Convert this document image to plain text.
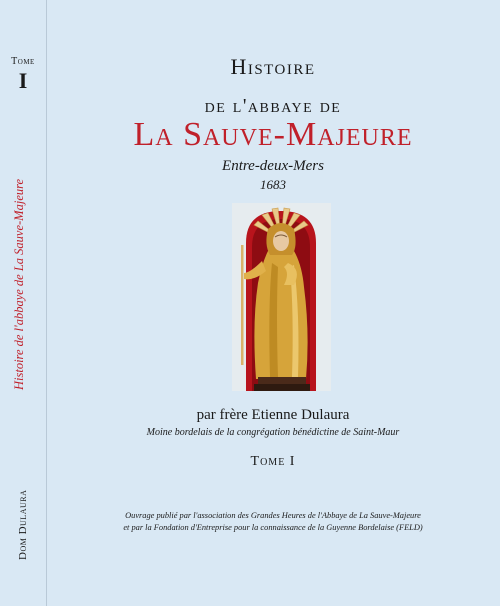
Tome
I
Histoire de l'abbaye de La Sauve-Majeure
Dom Dulaura
Histoire
de l'abbaye de
La Sauve-Majeure
Entre-deux-Mers
1683
par frère Etienne Dulaura
Moine bordelais de la congrégation bénédictine de Saint-Maur
Tome I
Ouvrage publié par l'association des Grandes Heures de l'Abbaye de La Sauve-Majeure
et par la Fondation d'Entreprise pour la connaissance de la Guyenne Bordelaise (FELD)
